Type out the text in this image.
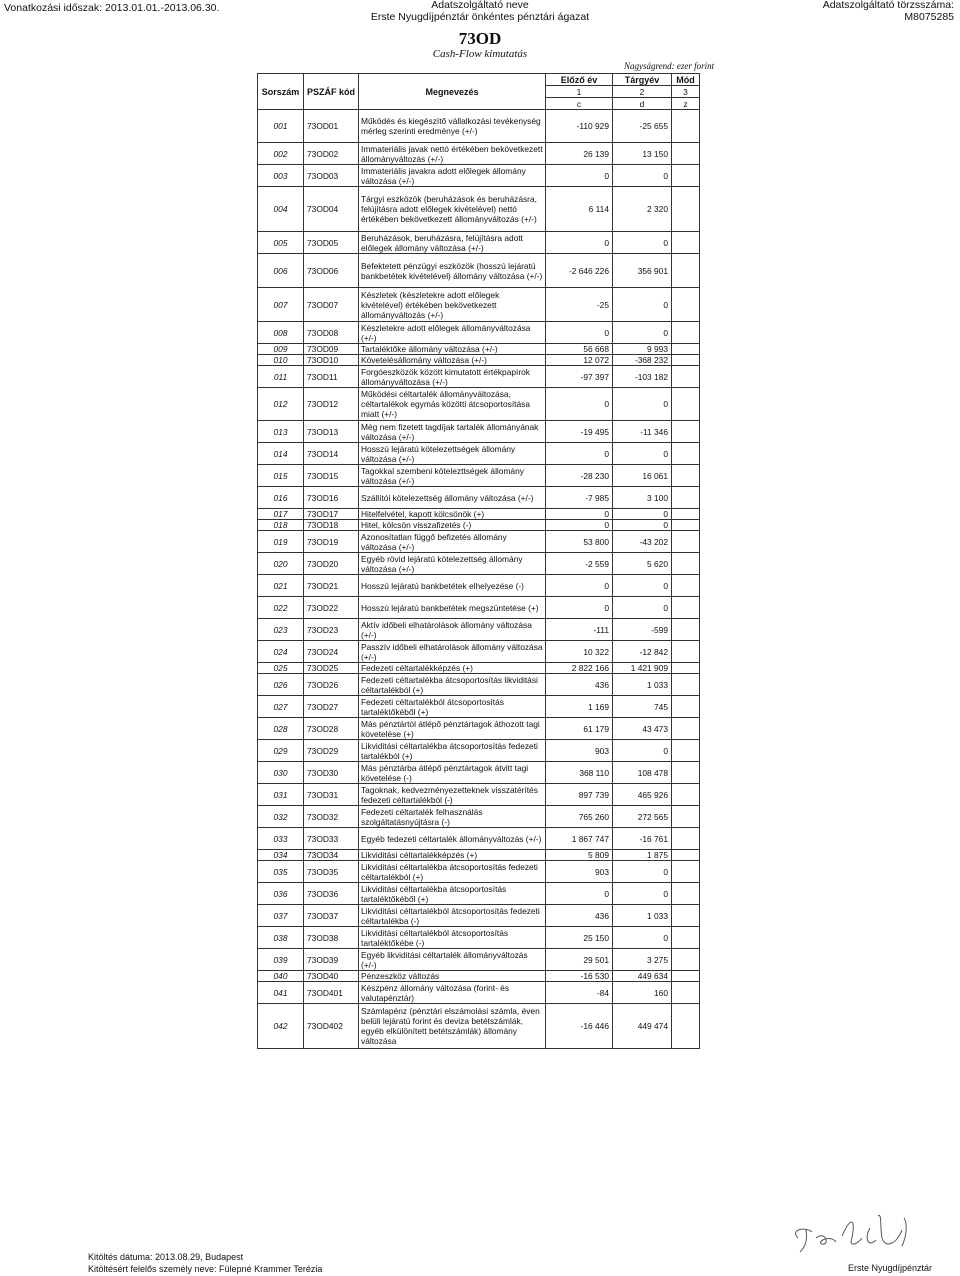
Vonatkozási időszak: 2013.01.01.-2013.06.30.	Adatszolgáltató neve
Erste Nyugdíjpénztár önkéntes pénztári ágazat
Adatszolgáltató törzsszáma:
M8075285
73OD
Cash-Flow kimutatás
Nagyságrend: ezer forint
Sorszám	PSZÁF kód	Megnevezés	Előző év	Tárgyév	Mód	
			1	2	3	
			c	d	z	
001	73OD01	Működés és kiegészítő vállalkozási tevékenység mérleg szerinti eredménye (+/-)	-110 929	-25 655		
002	73OD02	Immateriális javak nettó értékében bekövetkezett állományváltozás (+/-)	26 139	13 150		
003	73OD03	Immateriális javakra adott előlegek állomány változása (+/-)	0	0		
004	73OD04	Tárgyi eszközök (beruházások és beruházásra, felújításra adott előlegek kivételével) nettó értékében bekövetkezett állományváltozás (+/-)	6 114	2 320		
005	73OD05	Beruházások, beruházásra, felújításra adott előlegek állomány változása (+/-)	0	0		
006	73OD06	Befektetett pénzügyi eszközök (hosszú lejáratú bankbetétek kivételével) állomány változása (+/-)	-2 646 226	356 901		
007	73OD07	Készletek (készletekre adott előlegek kivételével) értékében bekövetkezett állományváltozás (+/-)	-25	0		
008	73OD08	Készletekre adott előlegek állományváltozása (+/-)	0	0		
009	73OD09	Tartaléktőke állomány változása (+/-)	56 668	9 993		
010	73OD10	Követelésállomány változása (+/-)	12 072	-368 232		
011	73OD11	Forgóeszközök között kimutatott értékpapírok állományváltozása (+/-)	-97 397	-103 182		
012	73OD12	Működési céltartalék állományváltozása, céltartalékok egymás közötti átcsoportosítása miatt (+/-)	0	0		
013	73OD13	Még nem fizetett tagdíjak tartalék állományának változása (+/-)	-19 495	-11 346		
014	73OD14	Hosszú lejáratú kötelezettségek állomány változása (+/-)	0	0		
015	73OD15	Tagokkal szembeni kötelezttségek állomány változása (+/-)	-28 230	16 061		
016	73OD16	Szállítói kötelezettség állomány változása (+/-)	-7 985	3 100		
017	73OD17	Hitelfelvétel, kapott kölcsönök (+)	0	0		
018	73OD18	Hitel, kölcsön visszafizetés (-)	0	0		
019	73OD19	Azonosítatlan függő befizetés állomány változása (+/-)	53 800	-43 202		
020	73OD20	Egyéb rövid lejáratú kötelezettség állomány változása (+/-)	-2 559	5 620		
021	73OD21	Hosszú lejáratú bankbetétek elhelyezése (-)	0	0		
022	73OD22	Hosszú lejáratú bankbetétek megszüntetése (+)	0	0		
023	73OD23	Aktív időbeli elhatárolások állomány változása (+/-)	-111	-599		
024	73OD24	Passzív időbeli elhatárolások állomány változása (+/-)	10 322	-12 842		
025	73OD25	Fedezeti céltartalékképzés (+)	2 822 166	1 421 909		
026	73OD26	Fedezeti céltartalékba átcsoportosítás likviditási céltartalékból (+)	436	1 033		
027	73OD27	Fedezeti céltartalékból átcsoportosítás tartaléktőkéből (+)	1 169	745		
028	73OD28	Más pénztártól átlépő pénztártagok áthozott tagi követelése (+)	61 179	43 473		
029	73OD29	Likviditási céltartalékba átcsoportosítás fedezeti tartalékból (+)	903	0		
030	73OD30	Más pénztárba átlépő pénztártagok átvitt tagi követelése (-)	368 110	108 478		
031	73OD31	Tagoknak, kedvezményezetteknek visszatérítés fedezeti céltartalékból (-)	897 739	465 926		
032	73OD32	Fedezeti céltartalék felhasználás szolgáltatásnyújtásra (-)	765 260	272 565		
033	73OD33	Egyéb fedezeti céltartalék állományváltozás (+/-)	1 867 747	-16 761		
034	73OD34	Likviditási céltartalékképzés (+)	5 809	1 875		
035	73OD35	Likviditási céltartalékba átcsoportosítás fedezeti céltartalékból (+)	903	0		
036	73OD36	Likviditási céltartalékba átcsoportosítás tartaléktőkéből (+)	0	0		
037	73OD37	Likviditási céltartalékból átcsoportosítás fedezeti céltartalékba (-)	436	1 033		
038	73OD38	Likviditási céltartalékból átcsoportosítás tartaléktőkébe (-)	25 150	0		
039	73OD39	Egyéb likviditási céltartalék állományváltozás (+/-)	29 501	3 275		
040	73OD40	Pénzeszköz változás	-16 530	449 634		
041	73OD401	Készpénz állomány változása (forint- és valutapénztár)	-84	160		
042	73OD402	Számlapénz (pénztári elszámolási számla, éven belüli lejáratú forint és deviza betétszámlák, egyéb elkülönített betétszámlák) állomány változása	-16 446	449 474		
Kitöltés dátuma: 2013.08.29, Budapest
Kitöltésért felelős személy neve: Fülepné Krammer Terézia	Erste Nyugdíjpénztár
